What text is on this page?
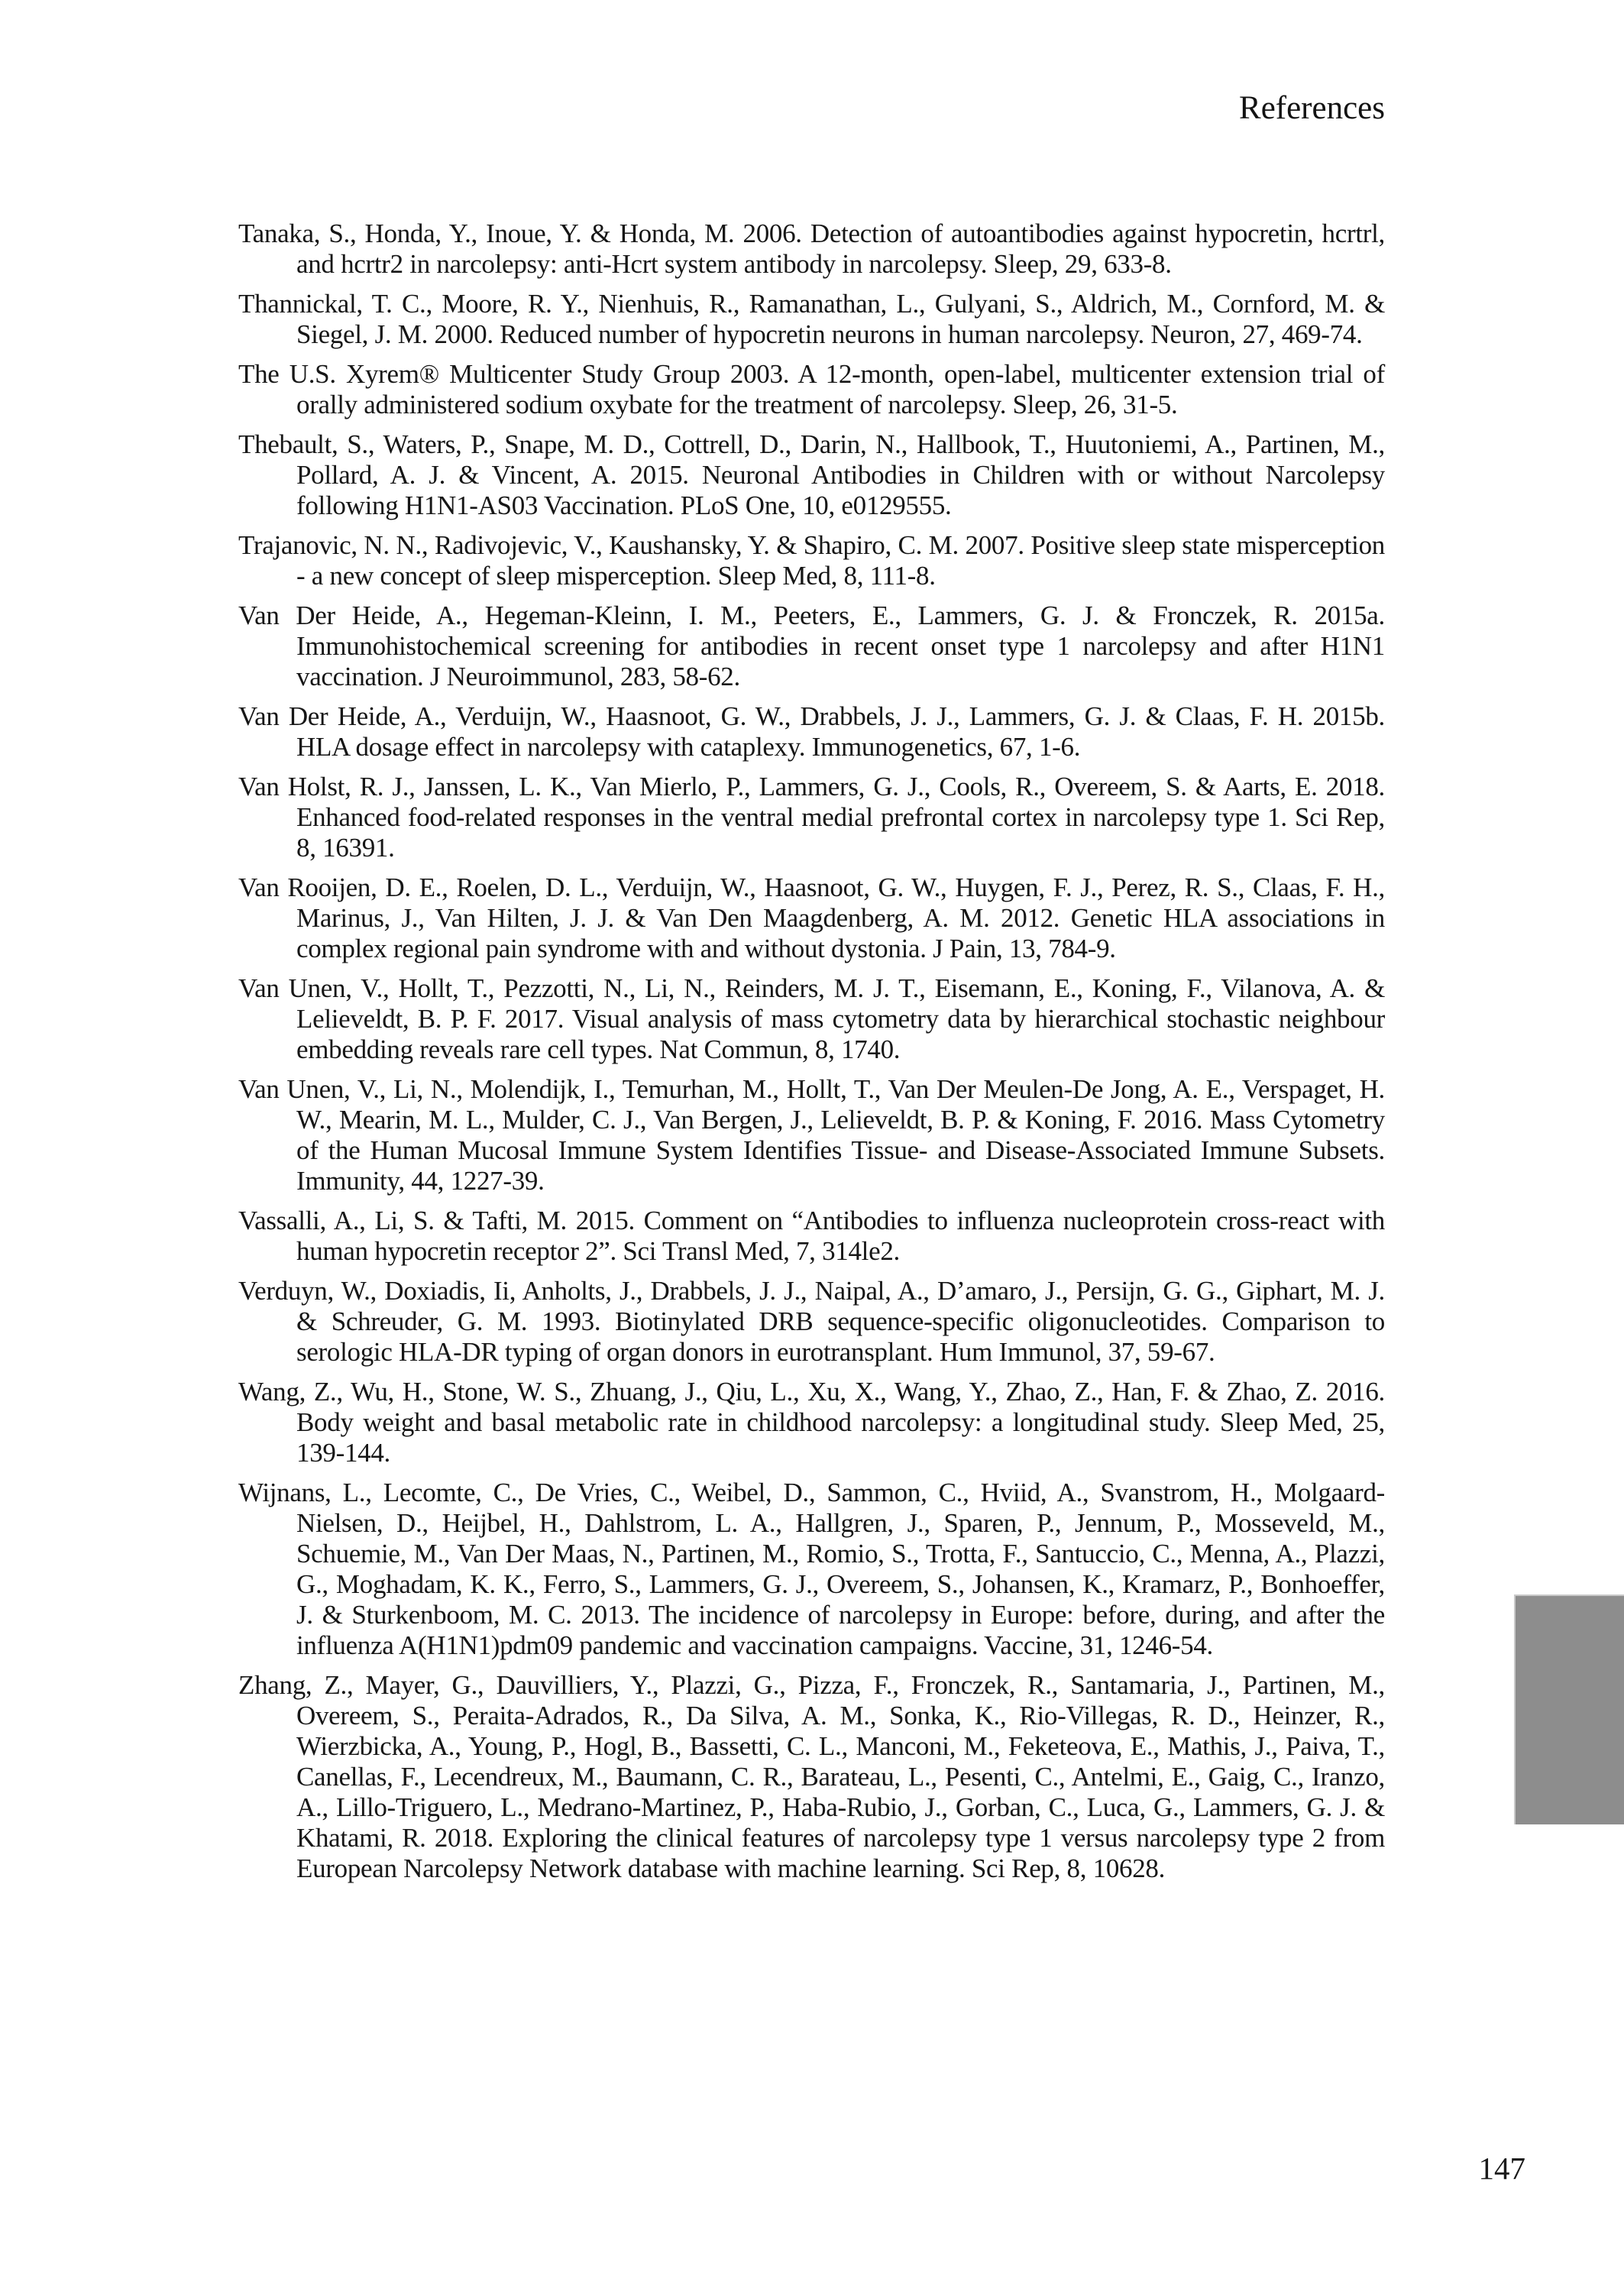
References

Tanaka, S., Honda, Y., Inoue, Y. & Honda, M. 2006. Detection of autoantibodies against hypocretin, hcrtrl, and hcrtr2 in narcolepsy: anti-Hcrt system antibody in narcolepsy. Sleep, 29, 633-8.

Thannickal, T. C., Moore, R. Y., Nienhuis, R., Ramanathan, L., Gulyani, S., Aldrich, M., Cornford, M. & Siegel, J. M. 2000. Reduced number of hypocretin neurons in human narcolepsy. Neuron, 27, 469-74.

The U.S. Xyrem® Multicenter Study Group 2003. A 12-month, open-label, multicenter extension trial of orally administered sodium oxybate for the treatment of narcolepsy. Sleep, 26, 31-5.

Thebault, S., Waters, P., Snape, M. D., Cottrell, D., Darin, N., Hallbook, T., Huutoniemi, A., Partinen, M., Pollard, A. J. & Vincent, A. 2015. Neuronal Antibodies in Children with or without Narcolepsy following H1N1-AS03 Vaccination. PLoS One, 10, e0129555.

Trajanovic, N. N., Radivojevic, V., Kaushansky, Y. & Shapiro, C. M. 2007. Positive sleep state misperception - a new concept of sleep misperception. Sleep Med, 8, 111-8.

Van Der Heide, A., Hegeman-Kleinn, I. M., Peeters, E., Lammers, G. J. & Fronczek, R. 2015a. Immunohistochemical screening for antibodies in recent onset type 1 narcolepsy and after H1N1 vaccination. J Neuroimmunol, 283, 58-62.

Van Der Heide, A., Verduijn, W., Haasnoot, G. W., Drabbels, J. J., Lammers, G. J. & Claas, F. H. 2015b. HLA dosage effect in narcolepsy with cataplexy. Immunogenetics, 67, 1-6.

Van Holst, R. J., Janssen, L. K., Van Mierlo, P., Lammers, G. J., Cools, R., Overeem, S. & Aarts, E. 2018. Enhanced food-related responses in the ventral medial prefrontal cortex in narcolepsy type 1. Sci Rep, 8, 16391.

Van Rooijen, D. E., Roelen, D. L., Verduijn, W., Haasnoot, G. W., Huygen, F. J., Perez, R. S., Claas, F. H., Marinus, J., Van Hilten, J. J. & Van Den Maagdenberg, A. M. 2012. Genetic HLA associations in complex regional pain syndrome with and without dystonia. J Pain, 13, 784-9.

Van Unen, V., Hollt, T., Pezzotti, N., Li, N., Reinders, M. J. T., Eisemann, E., Koning, F., Vilanova, A. & Lelieveldt, B. P. F. 2017. Visual analysis of mass cytometry data by hierarchical stochastic neighbour embedding reveals rare cell types. Nat Commun, 8, 1740.

Van Unen, V., Li, N., Molendijk, I., Temurhan, M., Hollt, T., Van Der Meulen-De Jong, A. E., Verspaget, H. W., Mearin, M. L., Mulder, C. J., Van Bergen, J., Lelieveldt, B. P. & Koning, F. 2016. Mass Cytometry of the Human Mucosal Immune System Identifies Tissue- and Disease-Associated Immune Subsets. Immunity, 44, 1227-39.

Vassalli, A., Li, S. & Tafti, M. 2015. Comment on “Antibodies to influenza nucleoprotein cross-react with human hypocretin receptor 2”. Sci Transl Med, 7, 314le2.

Verduyn, W., Doxiadis, Ii, Anholts, J., Drabbels, J. J., Naipal, A., D’amaro, J., Persijn, G. G., Giphart, M. J. & Schreuder, G. M. 1993. Biotinylated DRB sequence-specific oligonucleotides. Comparison to serologic HLA-DR typing of organ donors in eurotransplant. Hum Immunol, 37, 59-67.

Wang, Z., Wu, H., Stone, W. S., Zhuang, J., Qiu, L., Xu, X., Wang, Y., Zhao, Z., Han, F. & Zhao, Z. 2016. Body weight and basal metabolic rate in childhood narcolepsy: a longitudinal study. Sleep Med, 25, 139-144.

Wijnans, L., Lecomte, C., De Vries, C., Weibel, D., Sammon, C., Hviid, A., Svanstrom, H., Molgaard-Nielsen, D., Heijbel, H., Dahlstrom, L. A., Hallgren, J., Sparen, P., Jennum, P., Mosseveld, M., Schuemie, M., Van Der Maas, N., Partinen, M., Romio, S., Trotta, F., Santuccio, C., Menna, A., Plazzi, G., Moghadam, K. K., Ferro, S., Lammers, G. J., Overeem, S., Johansen, K., Kramarz, P., Bonhoeffer, J. & Sturkenboom, M. C. 2013. The incidence of narcolepsy in Europe: before, during, and after the influenza A(H1N1)pdm09 pandemic and vaccination campaigns. Vaccine, 31, 1246-54.

Zhang, Z., Mayer, G., Dauvilliers, Y., Plazzi, G., Pizza, F., Fronczek, R., Santamaria, J., Partinen, M., Overeem, S., Peraita-Adrados, R., Da Silva, A. M., Sonka, K., Rio-Villegas, R. D., Heinzer, R., Wierzbicka, A., Young, P., Hogl, B., Bassetti, C. L., Manconi, M., Feketeova, E., Mathis, J., Paiva, T., Canellas, F., Lecendreux, M., Baumann, C. R., Barateau, L., Pesenti, C., Antelmi, E., Gaig, C., Iranzo, A., Lillo-Triguero, L., Medrano-Martinez, P., Haba-Rubio, J., Gorban, C., Luca, G., Lammers, G. J. & Khatami, R. 2018. Exploring the clinical features of narcolepsy type 1 versus narcolepsy type 2 from European Narcolepsy Network database with machine learning. Sci Rep, 8, 10628.

147
